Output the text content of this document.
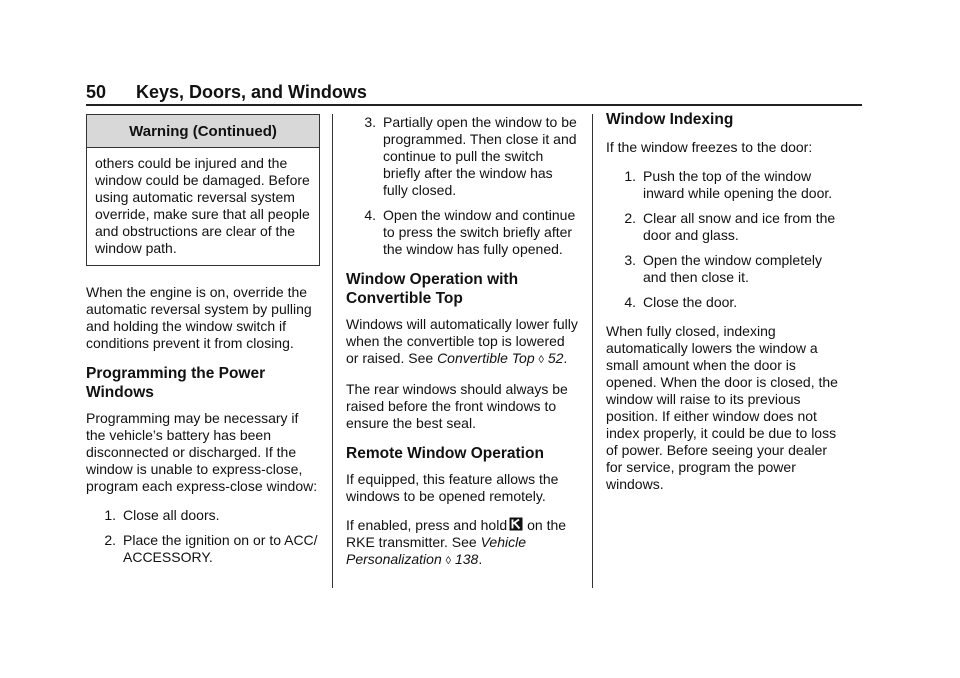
50 Keys, Doors, and Windows
Warning (Continued)
others could be injured and the window could be damaged. Before using automatic reversal system override, make sure that all people and obstructions are clear of the window path.

When the engine is on, override the automatic reversal system by pulling and holding the window switch if conditions prevent it from closing.

Programming the Power Windows

Programming may be necessary if the vehicle’s battery has been disconnected or discharged. If the window is unable to express-close, program each express-close window:

1. Close all doors.
2. Place the ignition on or to ACC/ ACCESSORY.
3. Partially open the window to be programmed. Then close it and continue to pull the switch briefly after the window has fully closed.
4. Open the window and continue to press the switch briefly after the window has fully opened.
Window Operation with Convertible Top

Windows will automatically lower fully when the convertible top is lowered or raised. See Convertible Top ◊ 52.

The rear windows should always be raised before the front windows to ensure the best seal.

Remote Window Operation

If equipped, this feature allows the windows to be opened remotely.

If enabled, press and hold on the RKE transmitter. See Vehicle Personalization ◊ 138.

Window Indexing

If the window freezes to the door:

1. Push the top of the window inward while opening the door.
2. Clear all snow and ice from the door and glass.
3. Open the window completely and then close it.
4. Close the door.

When fully closed, indexing automatically lowers the window a small amount when the door is opened. When the door is closed, the window will raise to its previous position. If either window does not index properly, it could be due to loss of power. Before seeing your dealer for service, program the power windows.
